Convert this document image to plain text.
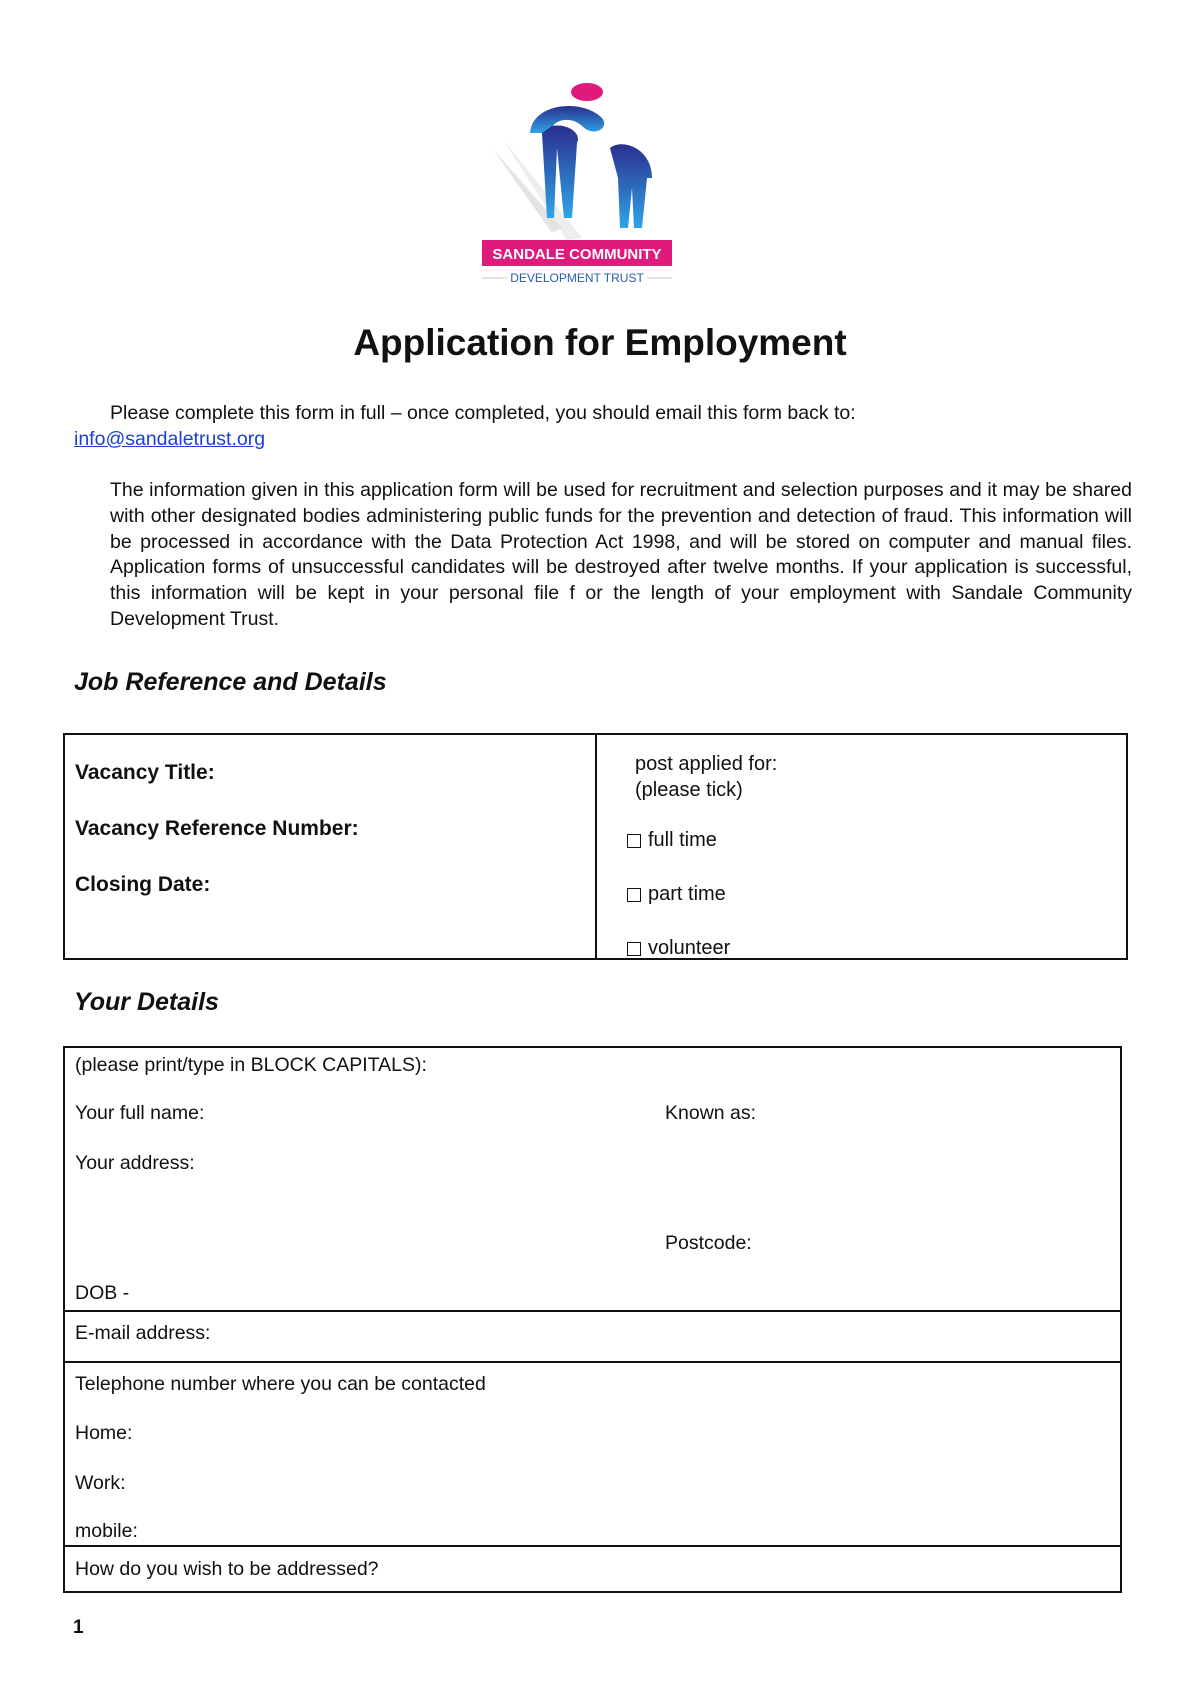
SANDALE COMMUNITY
DEVELOPMENT TRUST
Application for Employment
Please complete this form in full – once completed, you should email this form back to:
info@sandaletrust.org
The information given in this application form will be used for recruitment and selection purposes and it may be shared with other designated bodies administering public funds for the prevention and detection of fraud. This information will be processed in accordance with the Data Protection Act 1998, and will be stored on computer and manual files. Application forms of unsuccessful candidates will be destroyed after twelve months. If your application is successful, this information will be kept in your personal file f or the length of your employment with Sandale Community Development Trust.
Job Reference and Details
Vacancy Title:
Vacancy Reference Number:
Closing Date:
post applied for:
(please tick)
full time
part time
volunteer
Your Details
(please print/type in BLOCK CAPITALS):
Your full name:	Known as:
Your address:
Postcode:
DOB -
E-mail address:
Telephone number where you can be contacted
Home:
Work:
mobile:
How do you wish to be addressed?
1
